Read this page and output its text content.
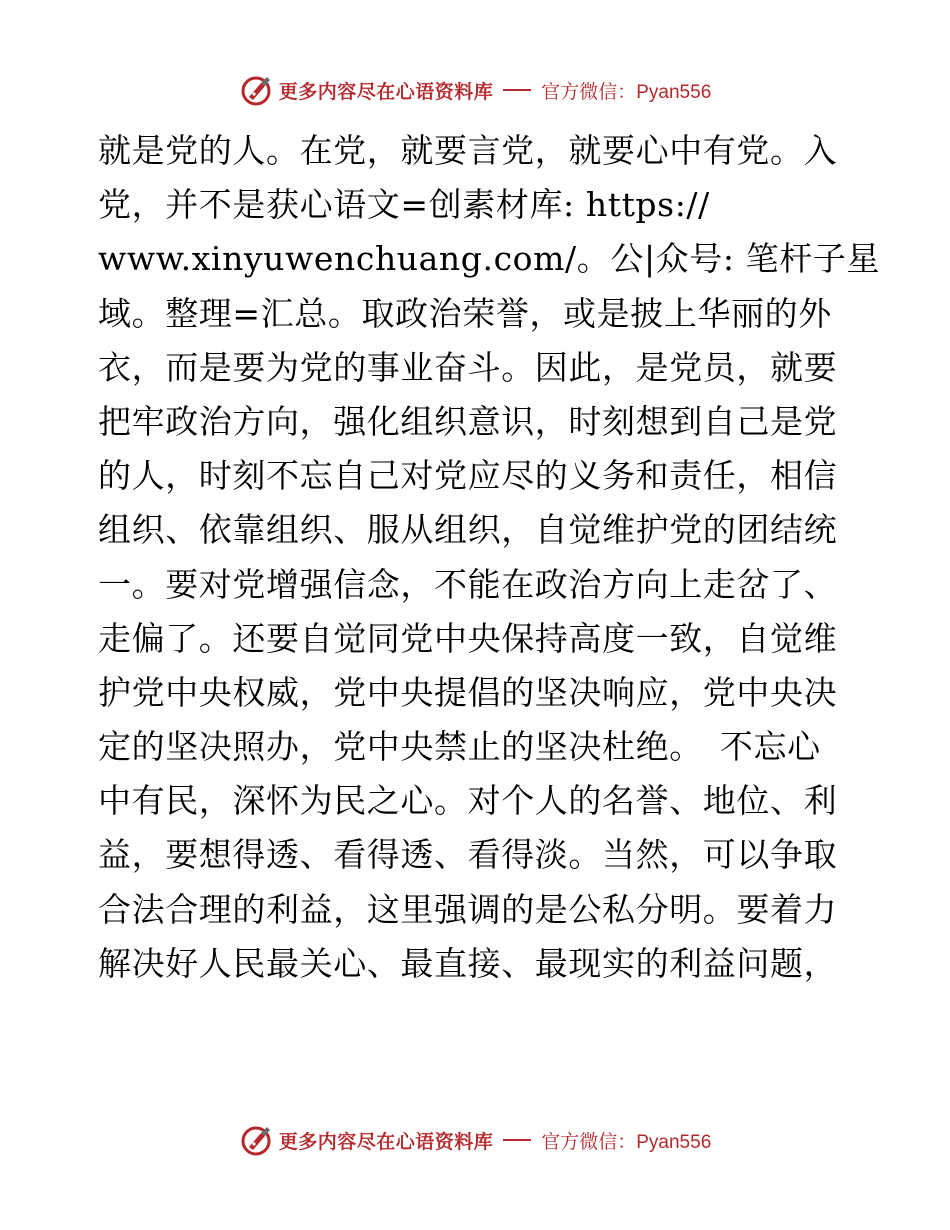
更多内容尽在心语资料库	官方微信：Pyan556
就是党的人。在党，就要言党，就要心中有党。入
党，并不是获心语文=创素材库: https://
www.xinyuwenchuang.com/。公|众号: 笔杆子星
域。整理=汇总。取政治荣誉，或是披上华丽的外
衣，而是要为党的事业奋斗。因此，是党员，就要
把牢政治方向，强化组织意识，时刻想到自己是党
的人，时刻不忘自己对党应尽的义务和责任，相信
组织、依靠组织、服从组织，自觉维护党的团结统
一。要对党增强信念，不能在政治方向上走岔了、
走偏了。还要自觉同党中央保持高度一致，自觉维
护党中央权威，党中央提倡的坚决响应，党中央决
定的坚决照办，党中央禁止的坚决杜绝。　不忘心
中有民，深怀为民之心。对个人的名誉、地位、利
益，要想得透、看得透、看得淡。当然，可以争取
合法合理的利益，这里强调的是公私分明。要着力
解决好人民最关心、最直接、最现实的利益问题，
更多内容尽在心语资料库	官方微信：Pyan556
